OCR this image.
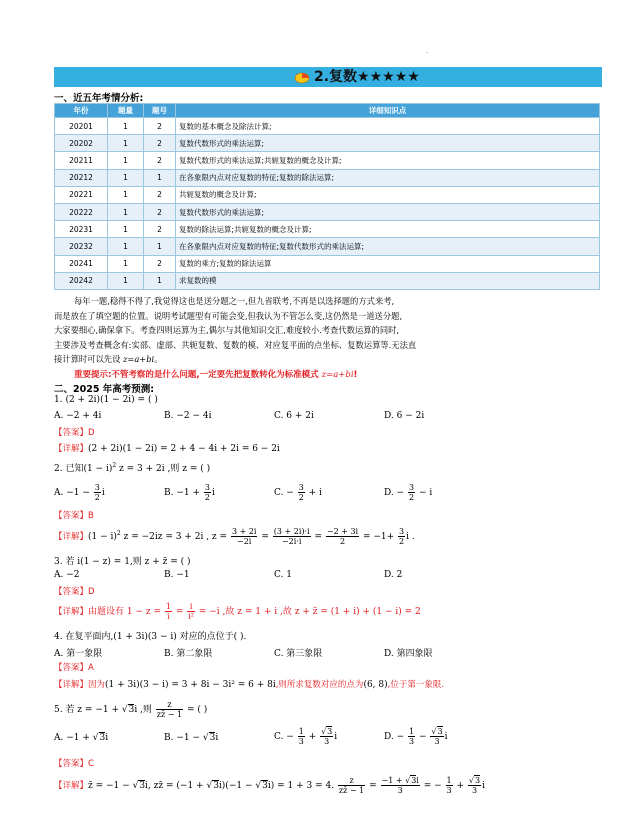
.
2.复数★★★★★
一、近五年考情分析:
年份	题量	题号	详细知识点
20201	1	2	复数的基本概念及除法计算;
20202	1	2	复数代数形式的乘法运算;
20211	1	2	复数代数形式的乘法运算;共轭复数的概念及计算;
20212	1	1	在各象限内点对应复数的特征;复数的除法运算;
20221	1	2	共轭复数的概念及计算;
20222	1	2	复数代数形式的乘法运算;
20231	1	2	复数的除法运算;共轭复数的概念及计算;
20232	1	1	在各象限内点对应复数的特征;复数代数形式的乘法运算;
20241	1	2	复数的乘方;复数的除法运算
20242	1	1	求复数的模
每年一题,稳得不得了,我觉得这也是送分题之一,但九省联考,不再是以选择题的方式来考,
而是放在了填空题的位置。说明考试题型有可能会变,但我认为不管怎么变,这仍然是一道送分题,
大家要细心,确保拿下。考查四则运算为主,偶尔与其他知识交汇,难度较小.考查代数运算的同时,
主要涉及考查概念有:实部、虚部、共轭复数、复数的模、对应复平面的点坐标、复数运算等.无法直
接计算时可以先设 z=a+bi。
重要提示:不管考察的是什么问题,一定要先把复数转化为标准模式 z=a+bi!
二、2025 年高考预测:
1. (2 + 2i)(1 − 2i) = ( )
A. −2 + 4i	B. −2 − 4i	C. 6 + 2i	D. 6 − 2i
【答案】D
【详解】(2 + 2i)(1 − 2i) = 2 + 4 − 4i + 2i = 6 − 2i
2. 已知$(1 - i)^2$ z = 3 + 2i ,则 z = ( )
A. $-1 - \frac{3}{2}$ i	B. $-1 + \frac{3}{2}$ i	C. − $\frac{3}{2} + i$	D. − $\frac{3}{2} - i$
【答案】B
【详解】$(1 - i)^2$ z = −2iz = 3 + 2i , $z = \frac{3 + 2i}{-2i} = \frac{(3 + 2i)\cdot i}{-2i\cdot i} = \frac{-2 + 3i}{2} = -1+ \frac{3}{2}$ i .
3. 若 i(1 − z) = 1,则 z + z̄ = ( )
A. −2	B. −1	C. 1	D. 2
【答案】D
【详解】由题设有 $1 - z = \frac{1}{i} = \frac{i}{\text{i²}} = -i$ ,故 z = 1 + i ,故 z + z̄ = (1 + i) + (1 − i) = 2
4. 在复平面内,(1 + 3i)(3 − i) 对应的点位于( ).
A. 第一象限	B. 第二象限	C. 第三象限	D. 第四象限
【答案】A
【详解】因为(1 + 3i)(3 − i) = 3 + 8i − 3i² = 6 + 8i,则所求复数对应的点为(6, 8),位于第一象限.
5. 若 z = −1 + √3i ,则 $\frac{z}{zz̄ - 1}$ = ( )
A. −1 + √3i	B. −1 − √3i	C. − $\frac{1}{3} + \frac{√3}{3}$ i	D. − $\frac{1}{3} - \frac{√3}{3}$ i
【答案】C
【详解】z̄ = −1 − √3i, zz̄ = (−1 + √3i)(−1 − √3i) = 1 + 3 = 4. $\frac{z}{zz̄ - 1} = \frac{-1 + √3i}{3}$ = − $\frac{1}{3} + \frac{√3}{3}$ i
